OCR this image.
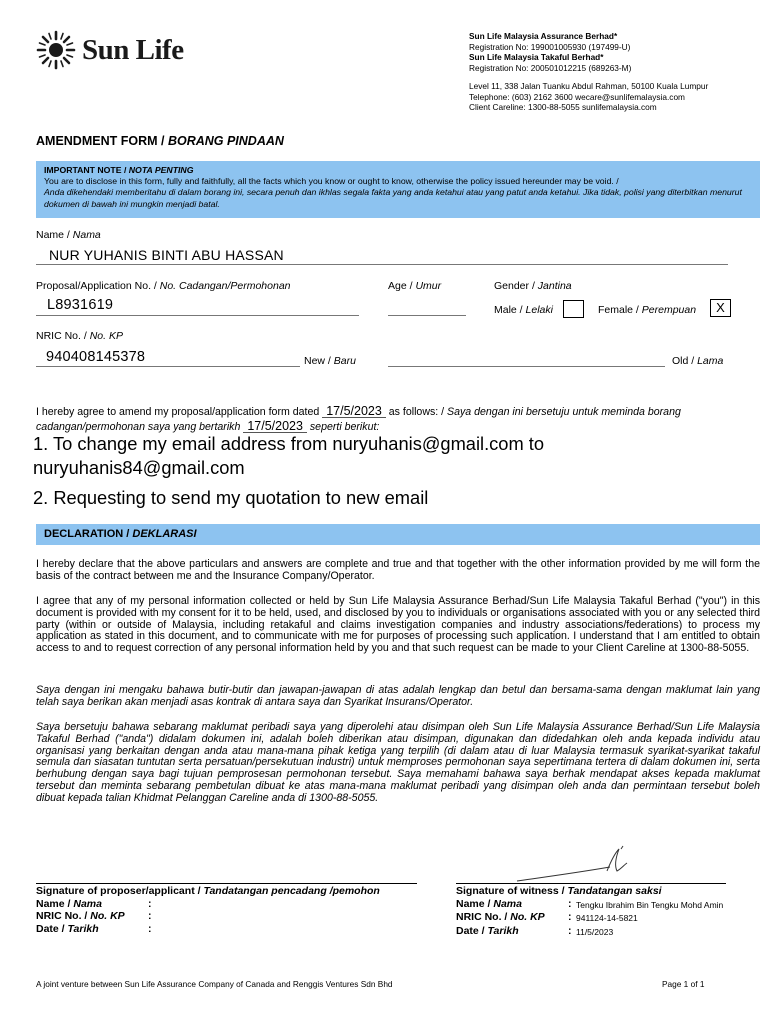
Sun Life	Sun Life Malaysia Assurance Berhad*
Registration No: 199001005930 (197499-U)
Sun Life Malaysia Takaful Berhad*
Registration No: 200501012215 (689263-M)
Level 11, 338 Jalan Tuanku Abdul Rahman, 50100 Kuala Lumpur
Telephone: (603) 2162 3600 wecare@sunlifemalaysia.com
Client Careline: 1300-88-5055 sunlifemalaysia.com
AMENDMENT FORM / BORANG PINDAAN
IMPORTANT NOTE / NOTA PENTING
You are to disclose in this form, fully and faithfully, all the facts which you know or ought to know, otherwise the policy issued hereunder may be void. /
Anda dikehendaki memberitahu di dalam borang ini, secara penuh dan ikhlas segala fakta yang anda ketahui atau yang patut anda ketahui. Jika tidak, polisi yang diterbitkan menurut dokumen di bawah ini mungkin menjadi batal.
Name / Nama
NUR YUHANIS BINTI ABU HASSAN
Proposal/Application No. / No. Cadangan/Permohonan
L8931619
Age / Umur	Gender / Jantina
Male / Lelaki	Female / Perempuan	X
NRIC No. / No. KP
940408145378	New / Baru	Old / Lama
I hereby agree to amend my proposal/application form dated 17/5/2023 as follows: / Saya dengan ini bersetuju untuk meminda borang cadangan/permohonan saya yang bertarikh 17/5/2023 seperti berikut:
1. To change my email address from nuryuhanis@gmail.com to nuryuhanis84@gmail.com
2. Requesting to send my quotation to new email
DECLARATION / DEKLARASI
I hereby declare that the above particulars and answers are complete and true and that together with the other information provided by me will form the basis of the contract between me and the Insurance Company/Operator.
I agree that any of my personal information collected or held by Sun Life Malaysia Assurance Berhad/Sun Life Malaysia Takaful Berhad ("you") in this document is provided with my consent for it to be held, used, and disclosed by you to individuals or organisations associated with you or any selected third party (within or outside of Malaysia, including retakaful and claims investigation companies and industry associations/federations) to process my application as stated in this document, and to communicate with me for purposes of processing such application. I understand that I am entitled to obtain access to and to request correction of any personal information held by you and that such request can be made to your Client Careline at 1300-88-5055.
Saya dengan ini mengaku bahawa butir-butir dan jawapan-jawapan di atas adalah lengkap dan betul dan bersama-sama dengan maklumat lain yang telah saya berikan akan menjadi asas kontrak di antara saya dan Syarikat Insurans/Operator.
Saya bersetuju bahawa sebarang maklumat peribadi saya yang diperolehi atau disimpan oleh Sun Life Malaysia Assurance Berhad/Sun Life Malaysia Takaful Berhad ("anda") didalam dokumen ini, adalah boleh diberikan atau disimpan, digunakan dan didedahkan oleh anda kepada individu atau organisasi yang berkaitan dengan anda atau mana-mana pihak ketiga yang terpilih (di dalam atau di luar Malaysia termasuk syarikat-syarikat takaful semula dan siasatan tuntutan serta persatuan/persekutuan industri) untuk memproses permohonan saya sepertimana tertera di dalam dokumen ini, serta berhubung dengan saya bagi tujuan pemprosesan permohonan tersebut. Saya memahami bahawa saya berhak mendapat akses kepada maklumat tersebut dan meminta sebarang pembetulan dibuat ke atas mana-mana maklumat peribadi yang disimpan oleh anda dan permintaan tersebut boleh dibuat kepada talian Khidmat Pelanggan Careline anda di 1300-88-5055.
Signature of proposer/applicant / Tandatangan pencadang /pemohon
Name / Nama	:
NRIC No. / No. KP	:
Date / Tarikh	:
Signature of witness / Tandatangan saksi
Name / Nama	: Tengku Ibrahim Bin Tengku Mohd Amin
NRIC No. / No. KP	: 941124-14-5821
Date / Tarikh	: 11/5/2023
A joint venture between Sun Life Assurance Company of Canada and Renggis Ventures Sdn Bhd	Page 1 of 1
